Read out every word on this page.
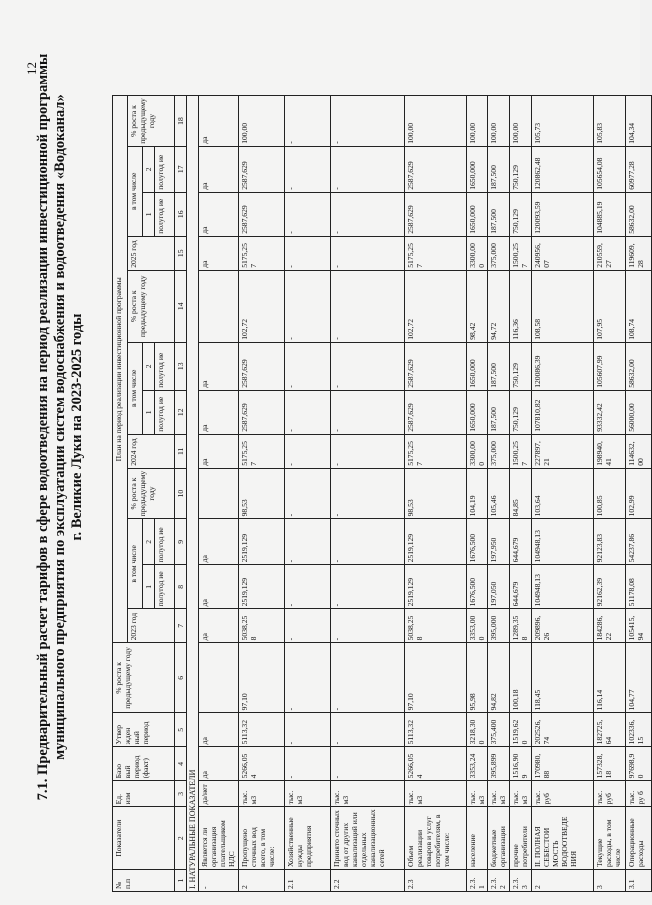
12
7.1. Предварительный расчет тарифов в сфере водоотведения на период реализации инвестиционной программы муниципального предприятия по эксплуатации систем водоснабжения и водоотведения «Водоканал» г. Великие Луки на 2023-2025 годы
№ п.п	Показатели	Ед. изм	Базо вый период (факт)	Утвер жден ный период	% роста к предыдущему году	План на период реализации инвестиционной программы											
						2023 год	в том числе		% роста к предыдущему году	2024 год	в том числе		% роста к предыдущему году	2025 год	в том числе		% роста к предыдущему году
							1	2			1	2			1	2	
							полугод ие	полугод ие			полугод ие	полугод ие			полугод ие	полугод ие	
1	2	3	4	5	6	7	8	9	10	11	12	13	14	15	16	17	18
I. НАТУРАЛЬНЫЕ ПОКАЗАТЕЛИ																	
-	Является ли организация плательщиком НДС	да/нет	да	да		да	да	да		да	да	да		да	да	да	да
2	Пропущено сточных вод всего, в том числе:	тыс. м3	5266,05 4	5113,32	97,10	5038,25 8	2519,129	2519,129	98,53	5175,25 7	2587,629	2587,629	102,72	5175,25 7	2587,629	2587,629	100,00
2.1	Хозяйственные нужды предприятия	тыс. м3	-	-	-	-	-	-	-	-	-	-	-	-	-	-	-
2.2	Принято сточных вод от других канализаций или отдельных канализационных сетей	тыс. м3	-	-	-	-	-	-	-	-	-	-	-	-	-	-	-
2.3	Объем реализации товаров и услуг потребителям, в том числе:	тыс. м3	5266,05 4	5113,32	97,10	5038,25 8	2519,129	2519,129	98,53	5175,25 7	2587,629	2587,629	102,72	5175,25 7	2587,629	2587,629	100,00
2.3. 1	население	тыс. м3	3353,24	3218,30 0	95,98	3353,00 0	1676,500	1676,500	104,19	3300,00 0	1650,000	1650,000	98,42	3300,00 0	1650,000	1650,000	100,00
2.3. 2	бюджетные организации	тыс. м3	395,899	375,400	94,82	395,000	197,050	197,950	105,46	375,000	187,500	187,500	94,72	375,000	187,500	187,500	100,00
2.3. 3	прочие потребители	тыс. м3	1516,90 9	1519,62 0	100,18	1289,35 8	644,679	644,679	84,85	1500,25 7	750,129	750,129	116,36	1500,25 7	750,129	750,129	100,00
2	II. ПОЛНАЯ СЕБЕСТОИ МОСТЬ ВОДООТВЕДЕ НИЯ	тыс. руб	170980, 88	202526, 74	118,45	209896, 26	104948,13	104948,13	103,64	227897, 21	107810,82	120086,39	108,58	240956, 07	120093,59	120862,48	105,73
3	Текущие расходы, в том числе	тыс. руб	157328, 18	182725, 64	116,14	184286, 22	92162,39	92123,83	100,85	198940, 41	93332,42	105607,99	107,95	210559, 27	104885,19	105654,08	105,83
3.1	Операционные расходы	тыс. ру б	97698,9 0	102336, 15	104,77	105415, 94	51178,08	54237,86	102,99	114632, 00	56000,00	58632,00	108,74	119609, 28	58632,00	60977,28	104,34
